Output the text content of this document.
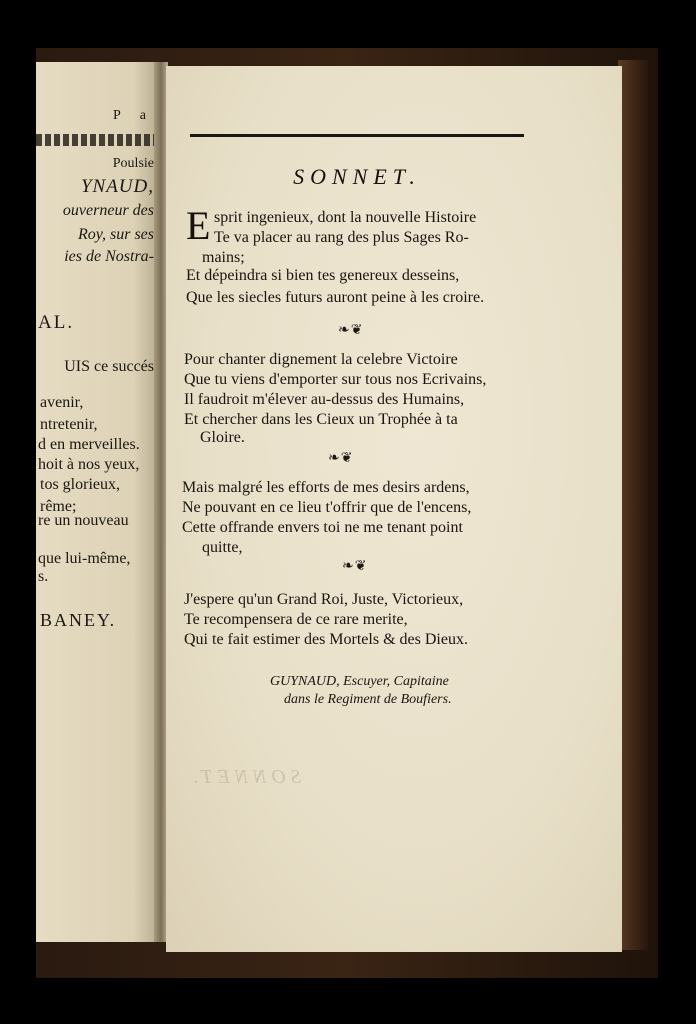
Poulsie
YNAUD,
ouverneur des
Roy, sur ses
ies de Nostra-
AL.
UIS ce succés
avenir,
ntretenir,
d en merveilles.
hoit à nos yeux,
tos glorieux,
rême;
re un nouveau
que lui-même,
s.
BANEY.
P a
SONNET.
E sprit ingenieux, dont la nouvelle Histoire
Te va placer au rang des plus Sages Ro-
mains;
Et dépeindra si bien tes genereux desseins,
Que les siecles futurs auront peine à les croire.
❧❦
Pour chanter dignement la celebre Victoire
Que tu viens d'emporter sur tous nos Ecrivains,
Il faudroit m'élever au-dessus des Humains,
Et chercher dans les Cieux un Trophée à ta
Gloire.
❧❦
Mais malgré les efforts de mes desirs ardens,
Ne pouvant en ce lieu t'offrir que de l'encens,
Cette offrande envers toi ne me tenant point
quitte,
❧❦
J'espere qu'un Grand Roi, Juste, Victorieux,
Te recompensera de ce rare merite,
Qui te fait estimer des Mortels & des Dieux.
GUYNAUD, Escuyer, Capitaine
dans le Regiment de Boufiers.
SONNET.
